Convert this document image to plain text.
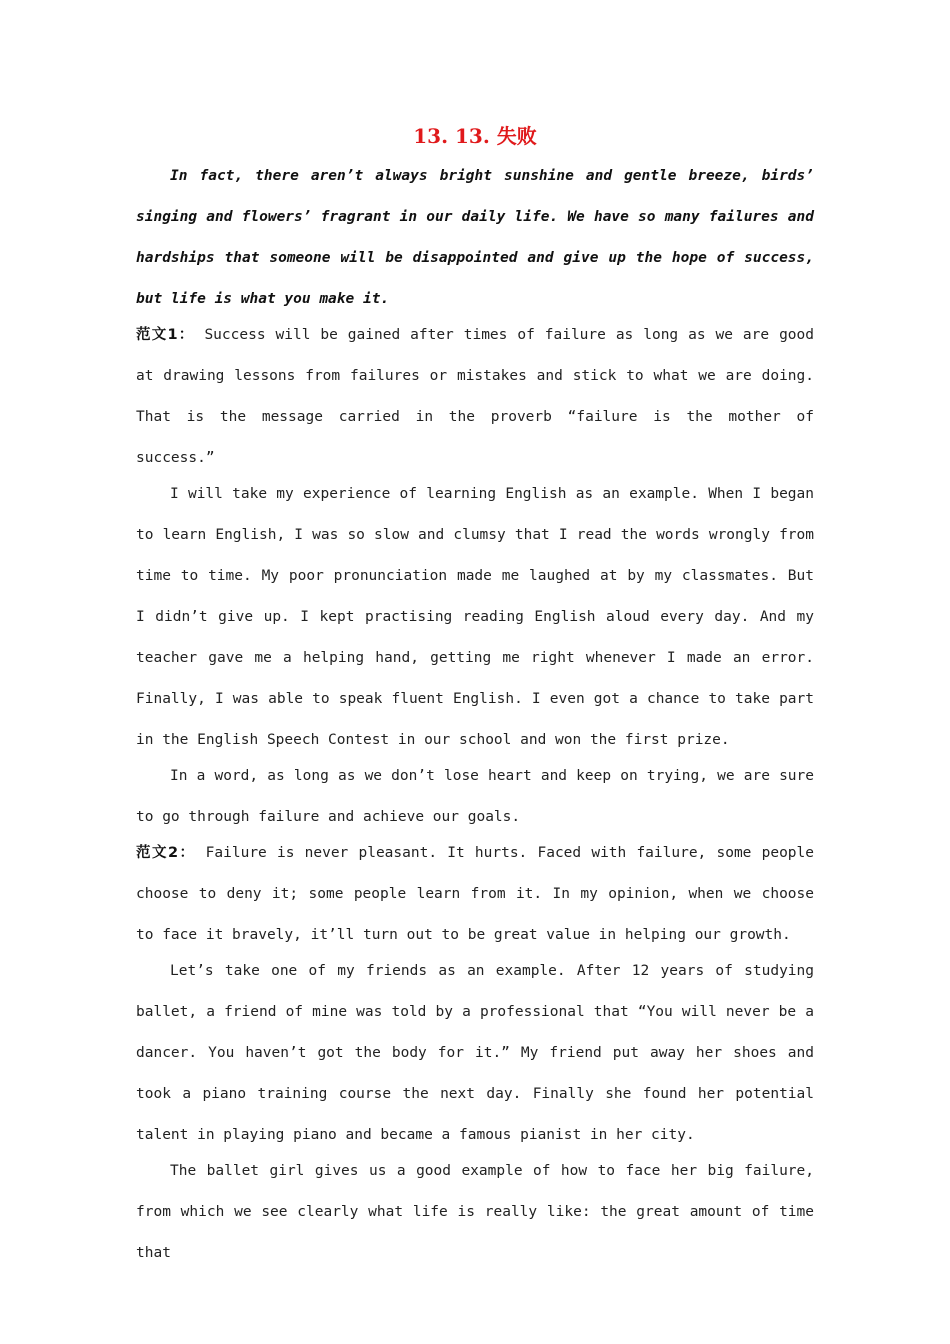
13. 13. 失败
In fact, there aren’t always bright sunshine and gentle breeze, birds’ singing and flowers’ fragrant in our daily life. We have so many failures and hardships that someone will be disappointed and give up the hope of success, but life is what you make it.

范文1： Success will be gained after times of failure as long as we are good at drawing lessons from failures or mistakes and stick to what we are doing. That is the message carried in the proverb “failure is the mother of success.”

I will take my experience of learning English as an example. When I began to learn English, I was so slow and clumsy that I read the words wrongly from time to time. My poor pronunciation made me laughed at by my classmates. But I didn’t give up. I kept practising reading English aloud every day. And my teacher gave me a helping hand, getting me right whenever I made an error. Finally, I was able to speak fluent English. I even got a chance to take part in the English Speech Contest in our school and won the first prize.

In a word, as long as we don’t lose heart and keep on trying, we are sure to go through failure and achieve our goals.

范文2： Failure is never pleasant. It hurts. Faced with failure, some people choose to deny it; some people learn from it. In my opinion, when we choose to face it bravely, it’ll turn out to be great value in helping our growth.

Let’s take one of my friends as an example. After 12 years of studying ballet, a friend of mine was told by a professional that “You will never be a dancer. You haven’t got the body for it.” My friend put away her shoes and took a piano training course the next day. Finally she found her potential talent in playing piano and became a famous pianist in her city.

The ballet girl gives us a good example of how to face her big failure, from which we see clearly what life is really like: the great amount of time that
